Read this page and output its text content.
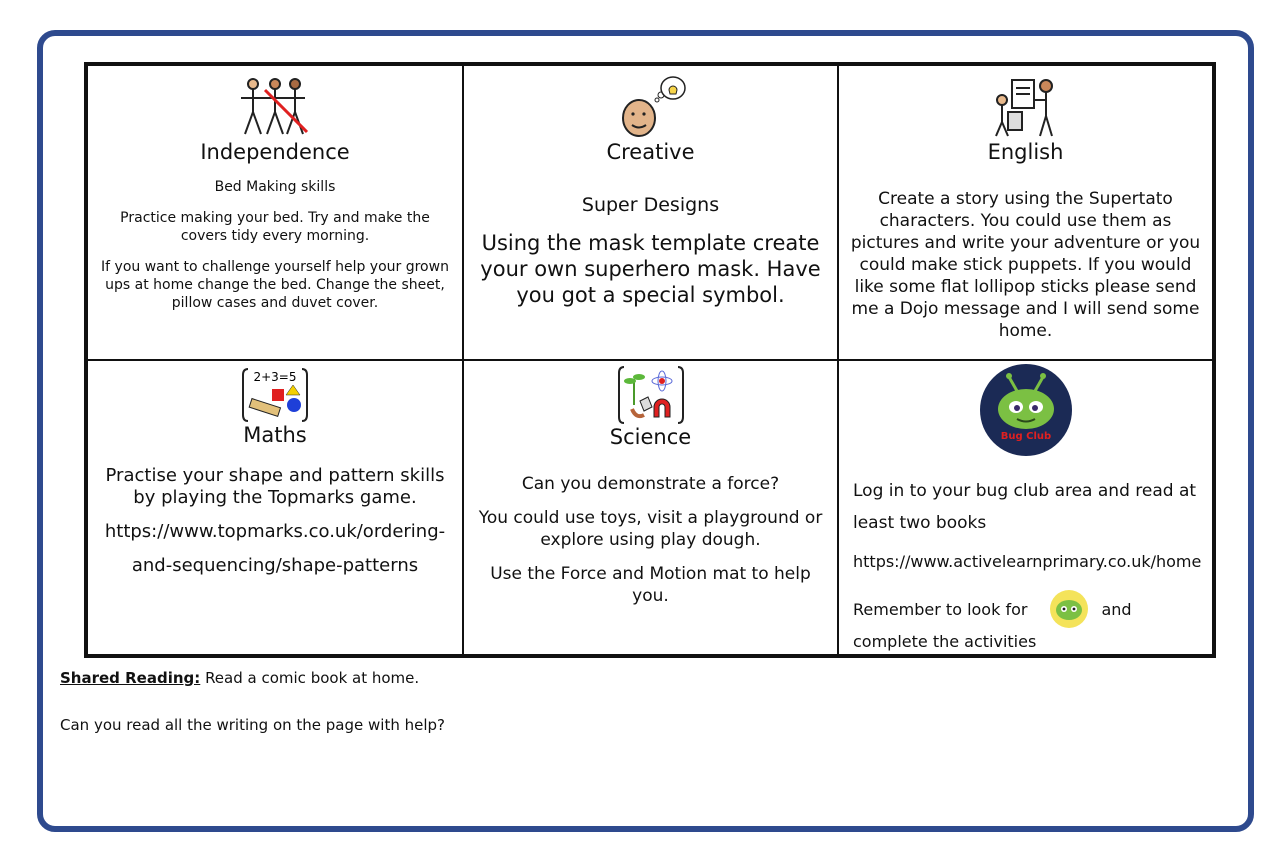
Independence

Bed Making skills

Practice making your bed. Try and make the covers tidy every morning.

If you want to challenge yourself help your grown ups at home change the bed. Change the sheet, pillow cases and duvet cover.

Creative

Super Designs

Using the mask template create your own superhero mask. Have you got a special symbol.

English

Create a story using the Supertato characters. You could use them as pictures and write your adventure or you could make stick puppets. If you would like some flat lollipop sticks please send me a Dojo message and I will send some home.

2+3=5

Maths

Practise your shape and pattern skills by playing the Topmarks game.

https://www.topmarks.co.uk/ordering-

and-sequencing/shape-patterns

Science

Can you demonstrate a force?

You could use toys, visit a playground or explore using play dough.

Use the Force and Motion mat to help you.

Bug Club

Log in to your bug club area and read at least two books

https://www.activelearnprimary.co.uk/home

Remember to look for	and

complete the activities

Shared Reading: Read a comic book at home.
Can you read all the writing on the page with help?
